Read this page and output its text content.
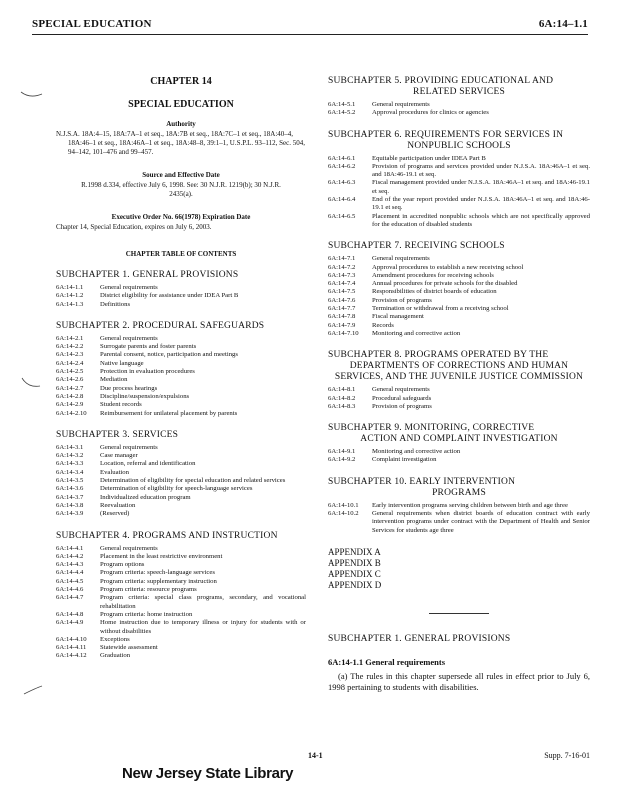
SPECIAL EDUCATION	6A:14–1.1

CHAPTER 14

SPECIAL EDUCATION

Authority

N.J.S.A. 18A:4–15, 18A:7A–1 et seq., 18A:7B et seq., 18A:7C–1 et seq., 18A:40–4, 18A:46–1 et seq., 18A:46A–1 et seq., 18A:48–8, 39:1–1, U.S.P.L. 93–112, Sec. 504, 94–142, 101–476 and 99–457.

Source and Effective Date

R.1998 d.334, effective July 6, 1998. See: 30 N.J.R. 1219(b); 30 N.J.R. 2435(a).

Executive Order No. 66(1978) Expiration Date

Chapter 14, Special Education, expires on July 6, 2003.

CHAPTER TABLE OF CONTENTS

SUBCHAPTER 1. GENERAL PROVISIONS
6A:14-1.1	General requirements
6A:14-1.2	District eligibility for assistance under IDEA Part B
6A:14-1.3	Definitions
SUBCHAPTER 2. PROCEDURAL SAFEGUARDS
6A:14-2.1	General requirements
6A:14-2.2	Surrogate parents and foster parents
6A:14-2.3	Parental consent, notice, participation and meetings
6A:14-2.4	Native language
6A:14-2.5	Protection in evaluation procedures
6A:14-2.6	Mediation
6A:14-2.7	Due process hearings
6A:14-2.8	Discipline/suspension/expulsions
6A:14-2.9	Student records
6A:14-2.10	Reimbursement for unilateral placement by parents
SUBCHAPTER 3. SERVICES
6A:14-3.1	General requirements
6A:14-3.2	Case manager
6A:14-3.3	Location, referral and identification
6A:14-3.4	Evaluation
6A:14-3.5	Determination of eligibility for special education and related services
6A:14-3.6	Determination of eligibility for speech-language services
6A:14-3.7	Individualized education program
6A:14-3.8	Reevaluation
6A:14-3.9	(Reserved)
SUBCHAPTER 4. PROGRAMS AND INSTRUCTION
6A:14-4.1	General requirements
6A:14-4.2	Placement in the least restrictive environment
6A:14-4.3	Program options
6A:14-4.4	Program criteria: speech-language services
6A:14-4.5	Program criteria: supplementary instruction
6A:14-4.6	Program criteria: resource programs
6A:14-4.7	Program criteria: special class programs, secondary, and vocational rehabilitation
6A:14-4.8	Program criteria: home instruction
6A:14-4.9	Home instruction due to temporary illness or injury for students with or without disabilities
6A:14-4.10	Exceptions
6A:14-4.11	Statewide assessment
6A:14-4.12	Graduation
SUBCHAPTER 5. PROVIDING EDUCATIONAL AND
RELATED SERVICES
6A:14-5.1	General requirements
6A:14-5.2	Approval procedures for clinics or agencies
SUBCHAPTER 6. REQUIREMENTS FOR SERVICES IN
NONPUBLIC SCHOOLS
6A:14-6.1	Equitable participation under IDEA Part B
6A:14-6.2	Provision of programs and services provided under N.J.S.A. 18A:46A–1 et seq. and 18A:46-19.1 et seq.
6A:14-6.3	Fiscal management provided under N.J.S.A. 18A:46A–1 et seq. and 18A:46-19.1 et seq.
6A:14-6.4	End of the year report provided under N.J.S.A. 18A:46A–1 et seq. and 18A:46-19.1 et seq.
6A:14-6.5	Placement in accredited nonpublic schools which are not specifically approved for the education of disabled students
SUBCHAPTER 7. RECEIVING SCHOOLS
6A:14-7.1	General requirements
6A:14-7.2	Approval procedures to establish a new receiving school
6A:14-7.3	Amendment procedures for receiving schools
6A:14-7.4	Annual procedures for private schools for the disabled
6A:14-7.5	Responsibilities of district boards of education
6A:14-7.6	Provision of programs
6A:14-7.7	Termination or withdrawal from a receiving school
6A:14-7.8	Fiscal management
6A:14-7.9	Records
6A:14-7.10	Monitoring and corrective action
SUBCHAPTER 8. PROGRAMS OPERATED BY THE
DEPARTMENTS OF CORRECTIONS AND HUMAN SERVICES, AND THE JUVENILE JUSTICE COMMISSION
6A:14-8.1	General requirements
6A:14-8.2	Procedural safeguards
6A:14-8.3	Provision of programs
SUBCHAPTER 9. MONITORING, CORRECTIVE
ACTION AND COMPLAINT INVESTIGATION
6A:14-9.1	Monitoring and corrective action
6A:14-9.2	Complaint investigation
SUBCHAPTER 10. EARLY INTERVENTION
PROGRAMS
6A:14-10.1	Early intervention programs serving children between birth and age three
6A:14-10.2	General requirements when district boards of education contract with early intervention programs under contract with the Department of Health and Senior Services for students age three
APPENDIX A
APPENDIX B
APPENDIX C
APPENDIX D
SUBCHAPTER 1. GENERAL PROVISIONS
6A:14-1.1 General requirements

(a) The rules in this chapter supersede all rules in effect prior to July 6, 1998 pertaining to students with disabilities.

14-1	Supp. 7-16-01
New Jersey State Library
